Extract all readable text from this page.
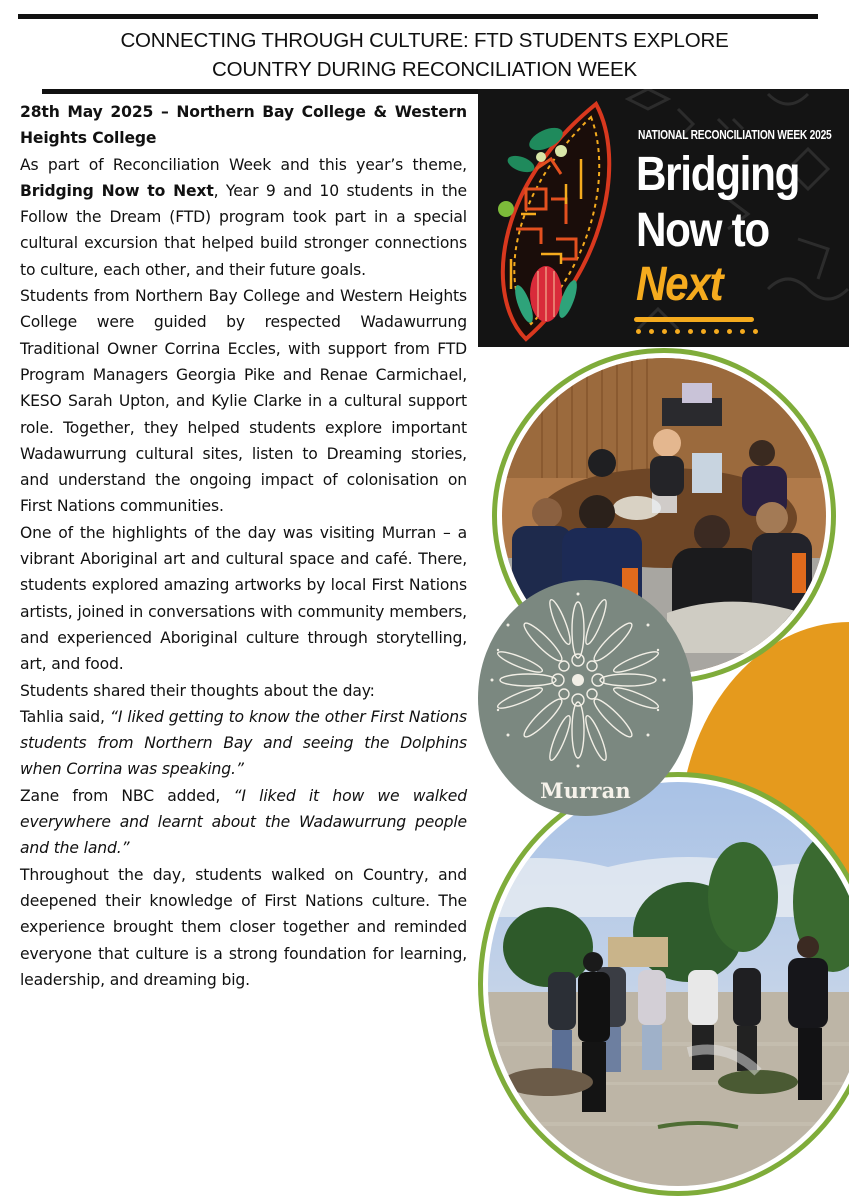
CONNECTING THROUGH CULTURE: FTD STUDENTS EXPLORE
COUNTRY DURING RECONCILIATION WEEK

28th May 2025 – Northern Bay College & Western Heights College

As part of Reconciliation Week and this year’s theme, Bridging Now to Next, Year 9 and 10 students in the Follow the Dream (FTD) program took part in a special cultural excursion that helped build stronger connections to culture, each other, and their future goals.

Students from Northern Bay College and Western Heights College were guided by respected Wadawurrung Traditional Owner Corrina Eccles, with support from FTD Program Managers Georgia Pike and Renae Carmichael, KESO Sarah Upton, and Kylie Clarke in a cultural support role. Together, they helped students explore important Wadawurrung cultural sites, listen to Dreaming stories, and understand the ongoing impact of colonisation on First Nations communities.

One of the highlights of the day was visiting Murran – a vibrant Aboriginal art and cultural space and café. There, students explored amazing artworks by local First Nations artists, joined in conversations with community members, and experienced Aboriginal culture through storytelling, art, and food.

Students shared their thoughts about the day:

Tahlia said, “I liked getting to know the other First Nations students from Northern Bay and seeing the Dolphins when Corrina was speaking.”

Zane from NBC added, “I liked it how we walked everywhere and learnt about the Wadawurrung people and the land.”

Throughout the day, students walked on Country, and deepened their knowledge of First Nations culture. The experience brought them closer together and reminded everyone that culture is a strong foundation for learning, leadership, and dreaming big.

NATIONAL RECONCILIATION WEEK 2025
Bridging
Now to
Next
Murran
